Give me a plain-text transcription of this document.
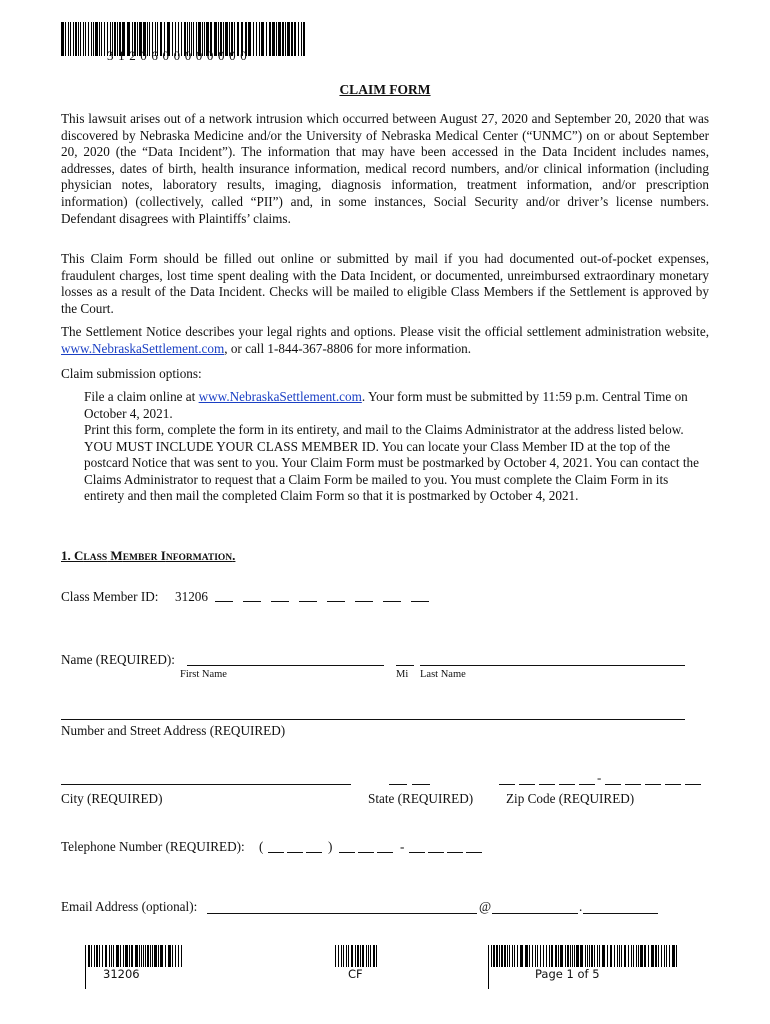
3120600000000
CLAIM FORM

This lawsuit arises out of a network intrusion which occurred between August 27, 2020 and September 20, 2020 that was discovered by Nebraska Medicine and/or the University of Nebraska Medical Center (“UNMC”) on or about September 20, 2020 (the “Data Incident”). The information that may have been accessed in the Data Incident includes names, addresses, dates of birth, health insurance information, medical record numbers, and/or clinical information (including physician notes, laboratory results, imaging, diagnosis information, treatment information, and/or prescription information) (collectively, called “PII”) and, in some instances, Social Security and/or driver’s license numbers. Defendant disagrees with Plaintiffs’ claims.

This Claim Form should be filled out online or submitted by mail if you had documented out-of-pocket expenses, fraudulent charges, lost time spent dealing with the Data Incident, or documented, unreimbursed extraordinary monetary losses as a result of the Data Incident. Checks will be mailed to eligible Class Members if the Settlement is approved by the Court.

The Settlement Notice describes your legal rights and options. Please visit the official settlement administration website, www.NebraskaSettlement.com, or call 1-844-367-8806 for more information.

Claim submission options:

File a claim online at www.NebraskaSettlement.com. Your form must be submitted by 11:59 p.m. Central Time on October 4, 2021.

Print this form, complete the form in its entirety, and mail to the Claims Administrator at the address listed below. YOU MUST INCLUDE YOUR CLASS MEMBER ID. You can locate your Class Member ID at the top of the postcard Notice that was sent to you. Your Claim Form must be postmarked by October 4, 2021. You can contact the Claims Administrator to request that a Claim Form be mailed to you. You must complete the Claim Form in its entirety and then mail the completed Claim Form so that it is postmarked by October 4, 2021.

1. CLASS MEMBER INFORMATION.
Class Member ID: 31206
Name (REQUIRED):
First Name	Mi Last Name
Number and Street Address (REQUIRED)
-
City (REQUIRED)	State (REQUIRED) Zip Code (REQUIRED)
Telephone Number (REQUIRED): (	)	-
Email Address (optional):	@	.
31206	CF	Page 1 of 5
